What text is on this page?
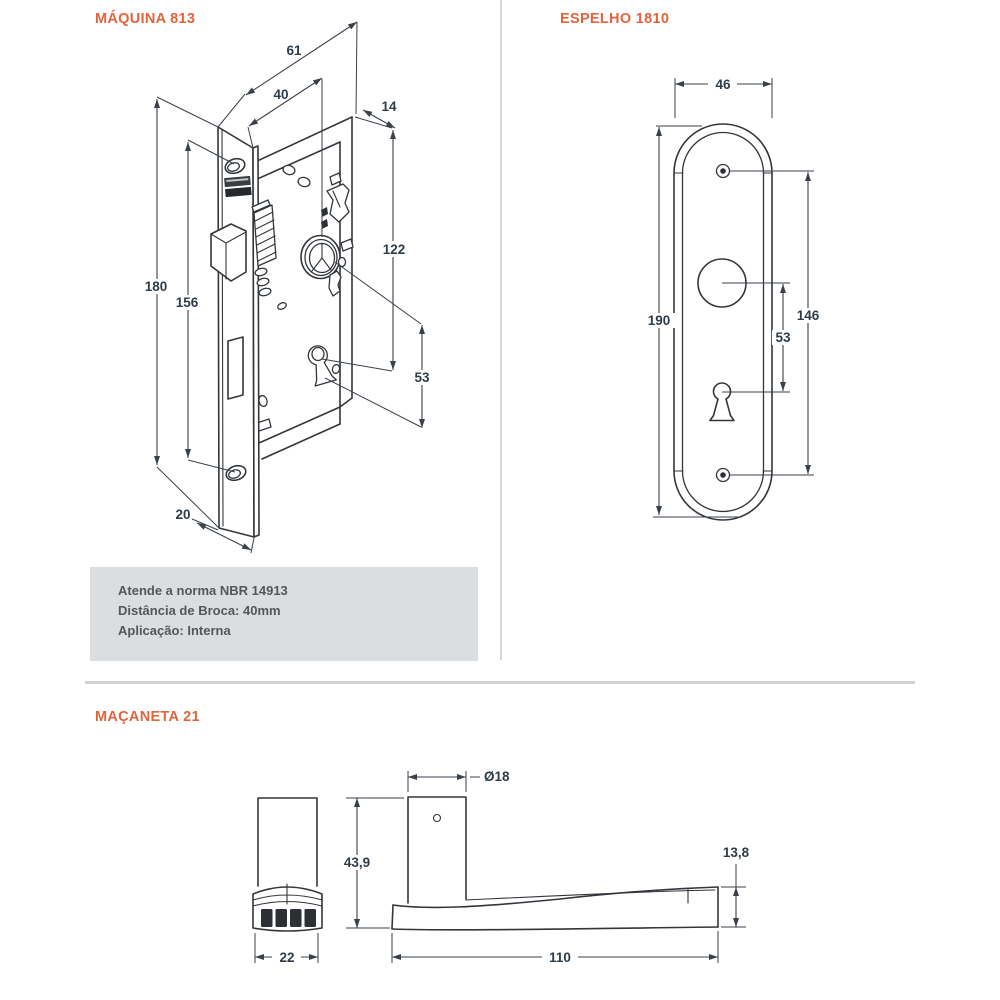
MÁQUINA 813	ESPELHO 1810
MAÇANETA 21

Atende a norma NBR 14913

Distância de Broca: 40mm

Aplicação: Interna

61
40
14
122
53
180
156
20
46
190	146
53
22
Ø18
43,9
13,8
110
